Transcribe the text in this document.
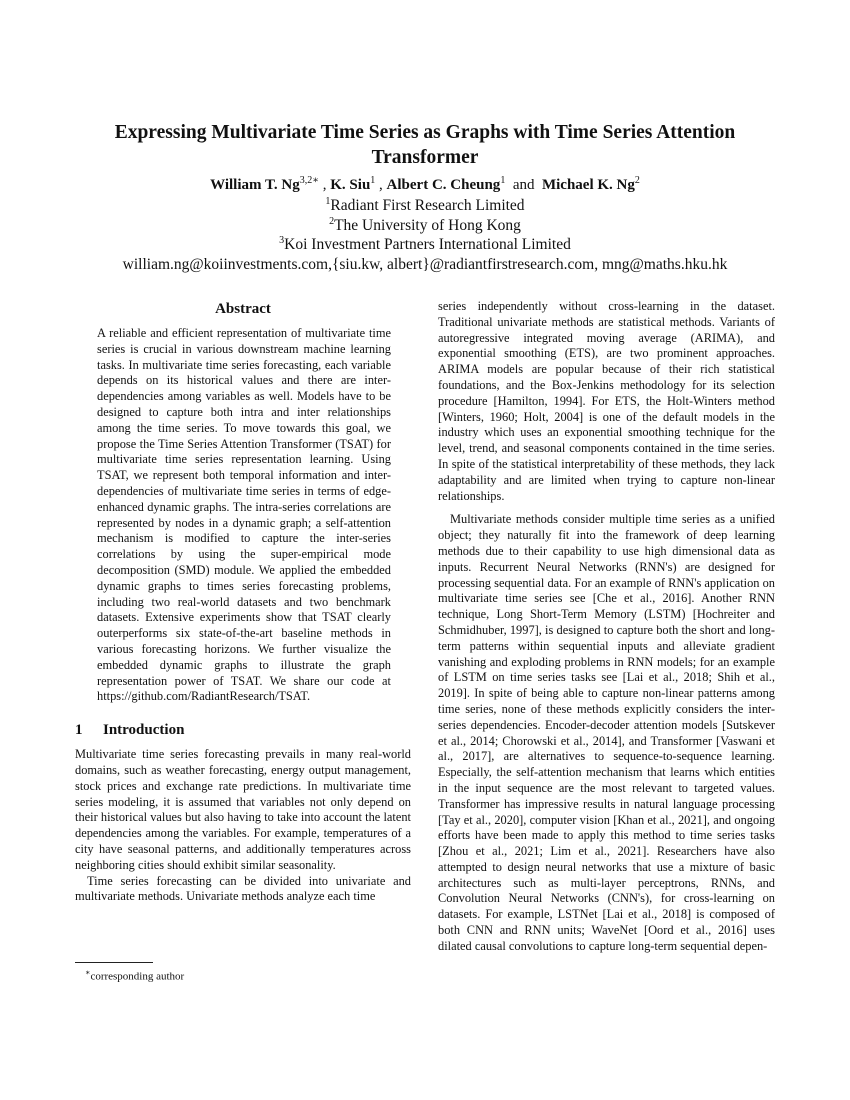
Expressing Multivariate Time Series as Graphs with Time Series Attention Transformer
William T. $Ng^{3,2∗}$ , K. Siu$^1$ , Albert C. Cheung$^1$ and Michael K. Ng$^2$
$^1$Radiant First Research Limited
$^2$The University of Hong Kong
$^3$Koi Investment Partners International Limited
william.ng@koiinvestments.com,{siu.kw, albert}@radiantfirstresearch.com, mng@maths.hku.hk
Abstract

A reliable and efficient representation of multivariate time series is crucial in various downstream machine learning tasks. In multivariate time series forecasting, each variable depends on its historical values and there are inter-dependencies among variables as well. Models have to be designed to capture both intra and inter relationships among the time series. To move towards this goal, we propose the Time Series Attention Transformer (TSAT) for multivariate time series representation learning. Using TSAT, we represent both temporal information and inter-dependencies of multivariate time series in terms of edge-enhanced dynamic graphs. The intra-series correlations are represented by nodes in a dynamic graph; a self-attention mechanism is modified to capture the inter-series correlations by using the super-empirical mode decomposition (SMD) module. We applied the embedded dynamic graphs to times series forecasting problems, including two real-world datasets and two benchmark datasets. Extensive experiments show that TSAT clearly outerperforms six state-of-the-art baseline methods in various forecasting horizons. We further visualize the embedded dynamic graphs to illustrate the graph representation power of TSAT. We share our code at https://github.com/RadiantResearch/TSAT.

1 Introduction

Multivariate time series forecasting prevails in many real-world domains, such as weather forecasting, energy output management, stock prices and exchange rate predictions. In multivariate time series modeling, it is assumed that variables not only depend on their historical values but also having to take into account the latent dependencies among the variables. For example, temperatures of a city have seasonal patterns, and additionally temperatures across neighboring cities should exhibit similar seasonality.

Time series forecasting can be divided into univariate and multivariate methods. Univariate methods analyze each time

series independently without cross-learning in the dataset. Traditional univariate methods are statistical methods. Variants of autoregressive integrated moving average (ARIMA), and exponential smoothing (ETS), are two prominent approaches. ARIMA models are popular because of their rich statistical foundations, and the Box-Jenkins methodology for its selection procedure [Hamilton, 1994]. For ETS, the Holt-Winters method [Winters, 1960; Holt, 2004] is one of the default models in the industry which uses an exponential smoothing technique for the level, trend, and seasonal components contained in the time series. In spite of the statistical interpretability of these methods, they lack adaptability and are limited when trying to capture non-linear relationships.

Multivariate methods consider multiple time series as a unified object; they naturally fit into the framework of deep learning methods due to their capability to use high dimensional data as inputs. Recurrent Neural Networks (RNN's) are designed for processing sequential data. For an example of RNN's application on multivariate time series see [Che et al., 2016]. Another RNN technique, Long Short-Term Memory (LSTM) [Hochreiter and Schmidhuber, 1997], is designed to capture both the short and long-term patterns within sequential inputs and alleviate gradient vanishing and exploding problems in RNN models; for an example of LSTM on time series tasks see [Lai et al., 2018; Shih et al., 2019]. In spite of being able to capture non-linear patterns among time series, none of these methods explicitly considers the inter-series dependencies. Encoder-decoder attention models [Sutskever et al., 2014; Chorowski et al., 2014], and Transformer [Vaswani et al., 2017], are alternatives to sequence-to-sequence learning. Especially, the self-attention mechanism that learns which entities in the input sequence are the most relevant to targeted values. Transformer has impressive results in natural language processing [Tay et al., 2020], computer vision [Khan et al., 2021], and ongoing efforts have been made to apply this method to time series tasks [Zhou et al., 2021; Lim et al., 2021]. Researchers have also attempted to design neural networks that use a mixture of basic architectures such as multi-layer perceptrons, RNNs, and Convolution Neural Networks (CNN's), for cross-learning on datasets. For example, LSTNet [Lai et al., 2018] is composed of both CNN and RNN units; WaveNet [Oord et al., 2016] uses dilated causal convolutions to capture long-term sequential depen-

∗corresponding author
